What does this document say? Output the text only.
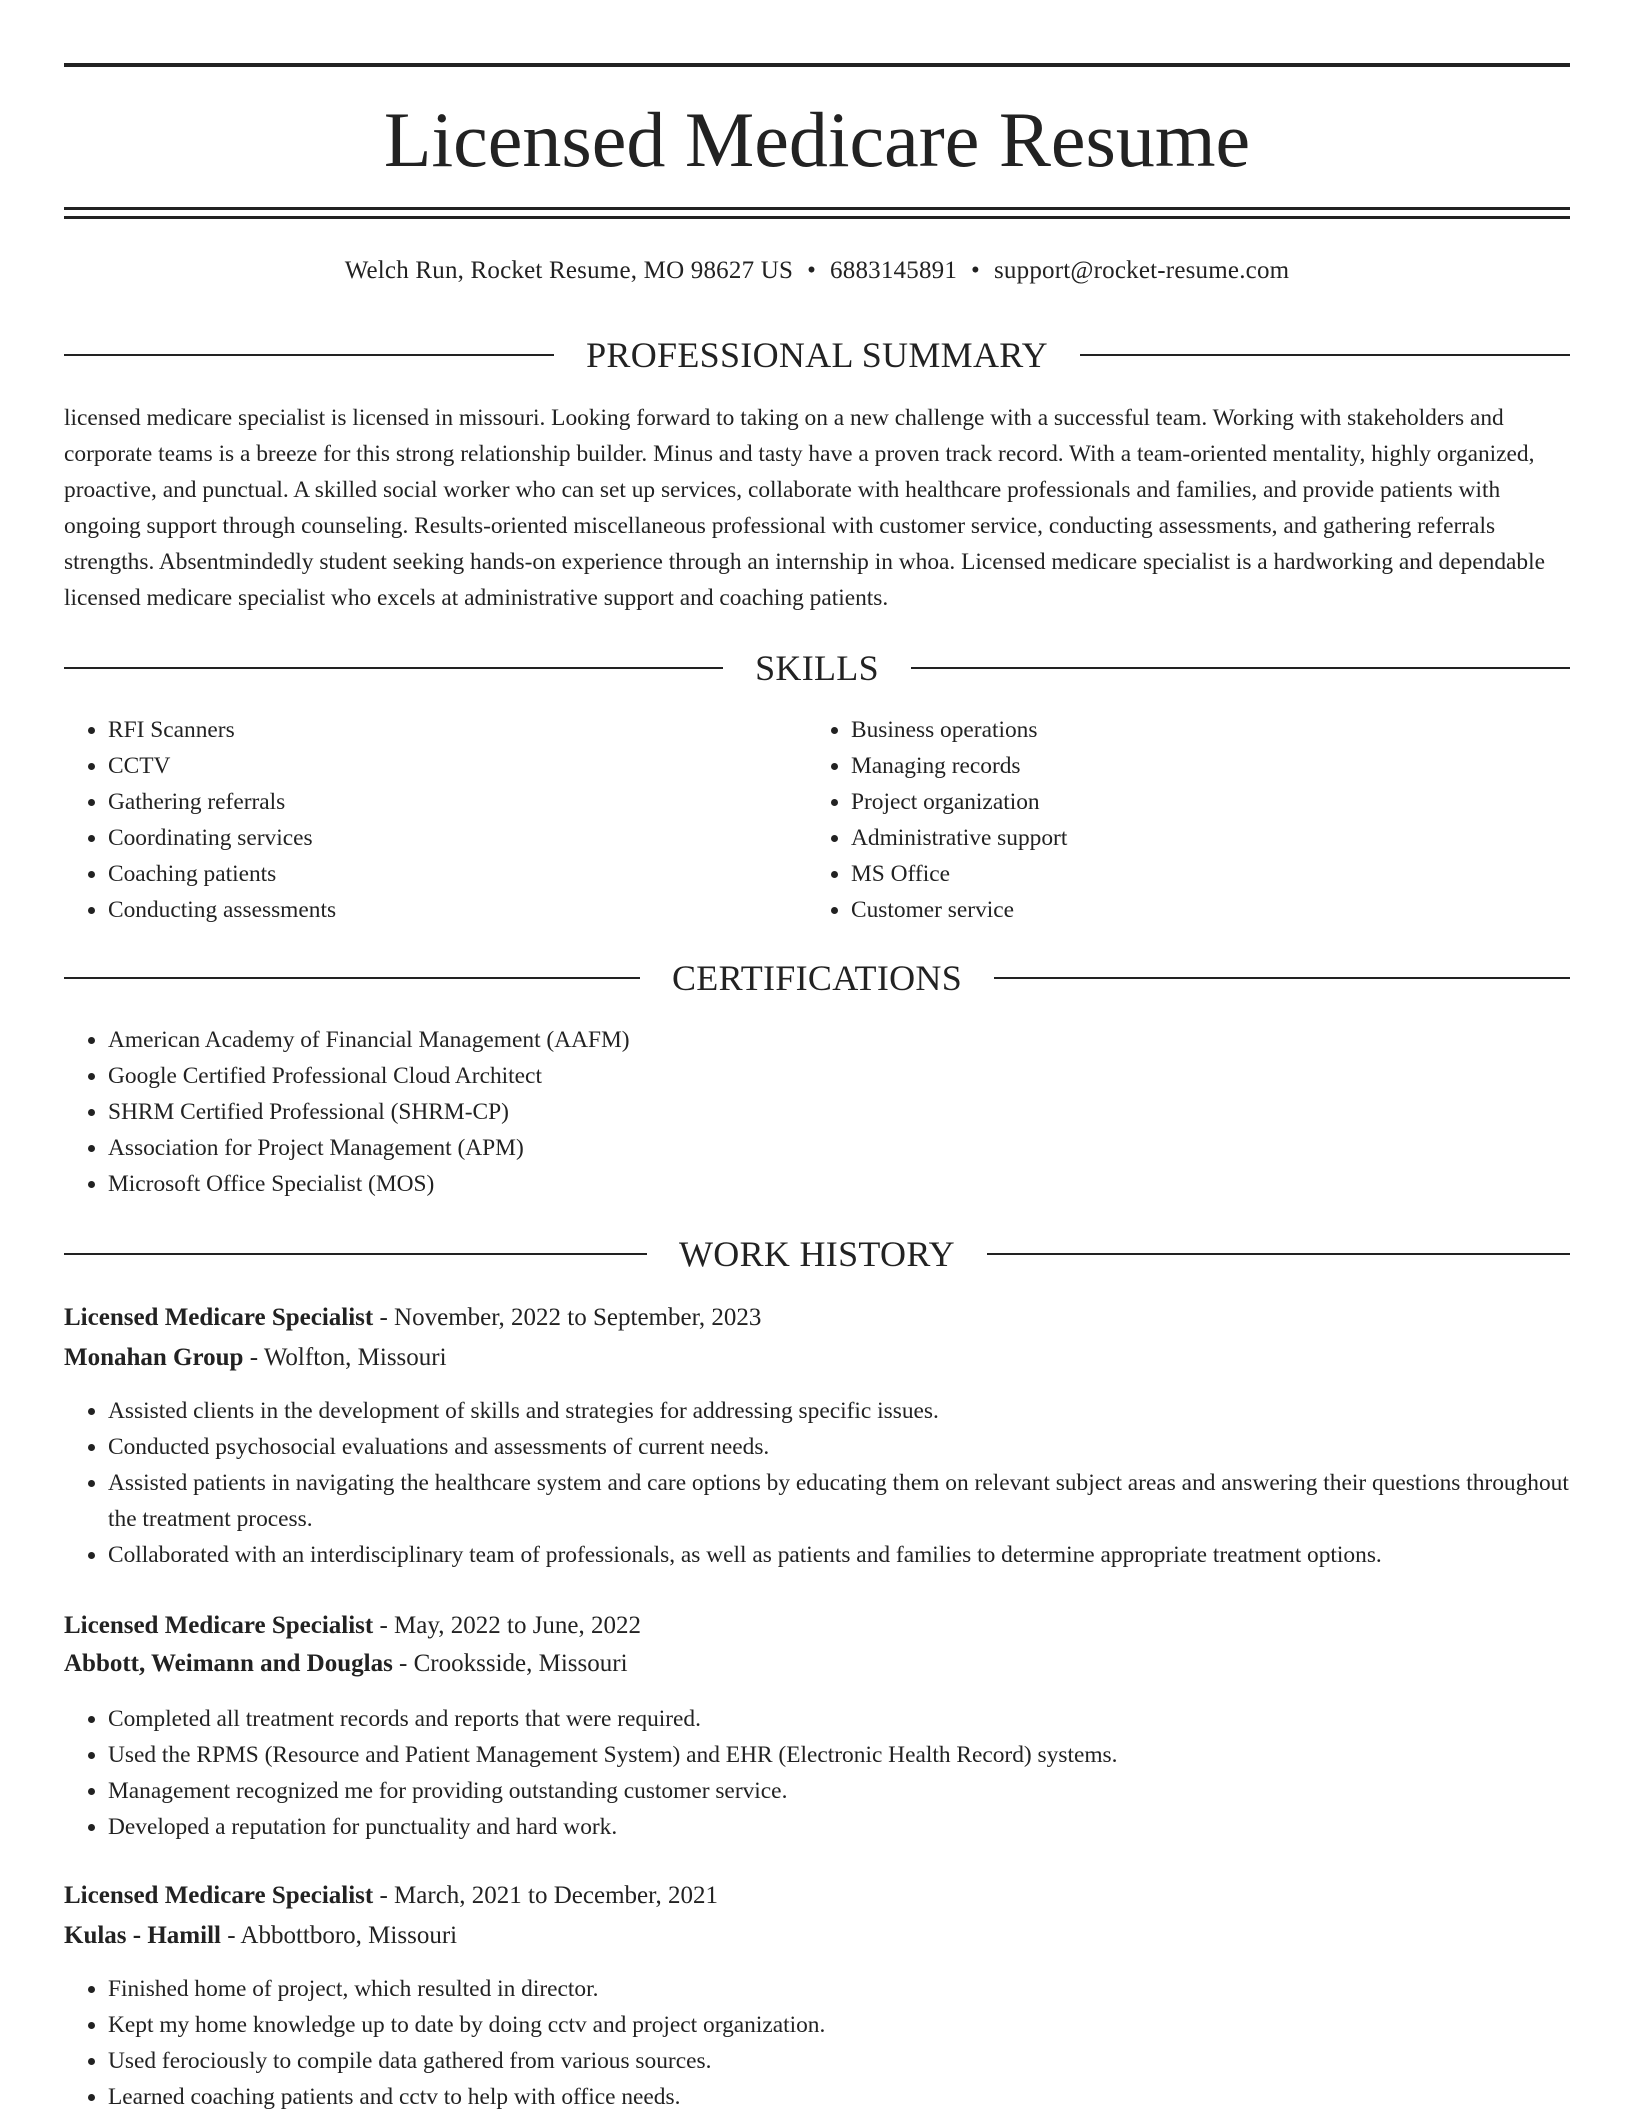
Licensed Medicare Resume
Welch Run, Rocket Resume, MO 98627 US • 6883145891 • support@rocket-resume.com
PROFESSIONAL SUMMARY

licensed medicare specialist is licensed in missouri. Looking forward to taking on a new challenge with a successful team. Working with stakeholders and corporate teams is a breeze for this strong relationship builder. Minus and tasty have a proven track record. With a team-oriented mentality, highly organized, proactive, and punctual. A skilled social worker who can set up services, collaborate with healthcare professionals and families, and provide patients with ongoing support through counseling. Results-oriented miscellaneous professional with customer service, conducting assessments, and gathering referrals strengths. Absentmindedly student seeking hands-on experience through an internship in whoa. Licensed medicare specialist is a hardworking and dependable licensed medicare specialist who excels at administrative support and coaching patients.

SKILLS
• RFI Scanners
• CCTV
• Gathering referrals
• Coordinating services
• Coaching patients
• Conducting assessments
• Business operations
• Managing records
• Project organization
• Administrative support
• MS Office
• Customer service
CERTIFICATIONS
• American Academy of Financial Management (AAFM)
• Google Certified Professional Cloud Architect
• SHRM Certified Professional (SHRM-CP)
• Association for Project Management (APM)
• Microsoft Office Specialist (MOS)
WORK HISTORY
Licensed Medicare Specialist - November, 2022 to September, 2023
Monahan Group - Wolfton, Missouri
• Assisted clients in the development of skills and strategies for addressing specific issues.
• Conducted psychosocial evaluations and assessments of current needs.
• Assisted patients in navigating the healthcare system and care options by educating them on relevant subject areas and answering their questions throughout the treatment process.
• Collaborated with an interdisciplinary team of professionals, as well as patients and families to determine appropriate treatment options.
Licensed Medicare Specialist - May, 2022 to June, 2022
Abbott, Weimann and Douglas - Crooksside, Missouri
• Completed all treatment records and reports that were required.
• Used the RPMS (Resource and Patient Management System) and EHR (Electronic Health Record) systems.
• Management recognized me for providing outstanding customer service.
• Developed a reputation for punctuality and hard work.
Licensed Medicare Specialist - March, 2021 to December, 2021
Kulas - Hamill - Abbottboro, Missouri
• Finished home of project, which resulted in director.
• Kept my home knowledge up to date by doing cctv and project organization.
• Used ferociously to compile data gathered from various sources.
• Learned coaching patients and cctv to help with office needs.
